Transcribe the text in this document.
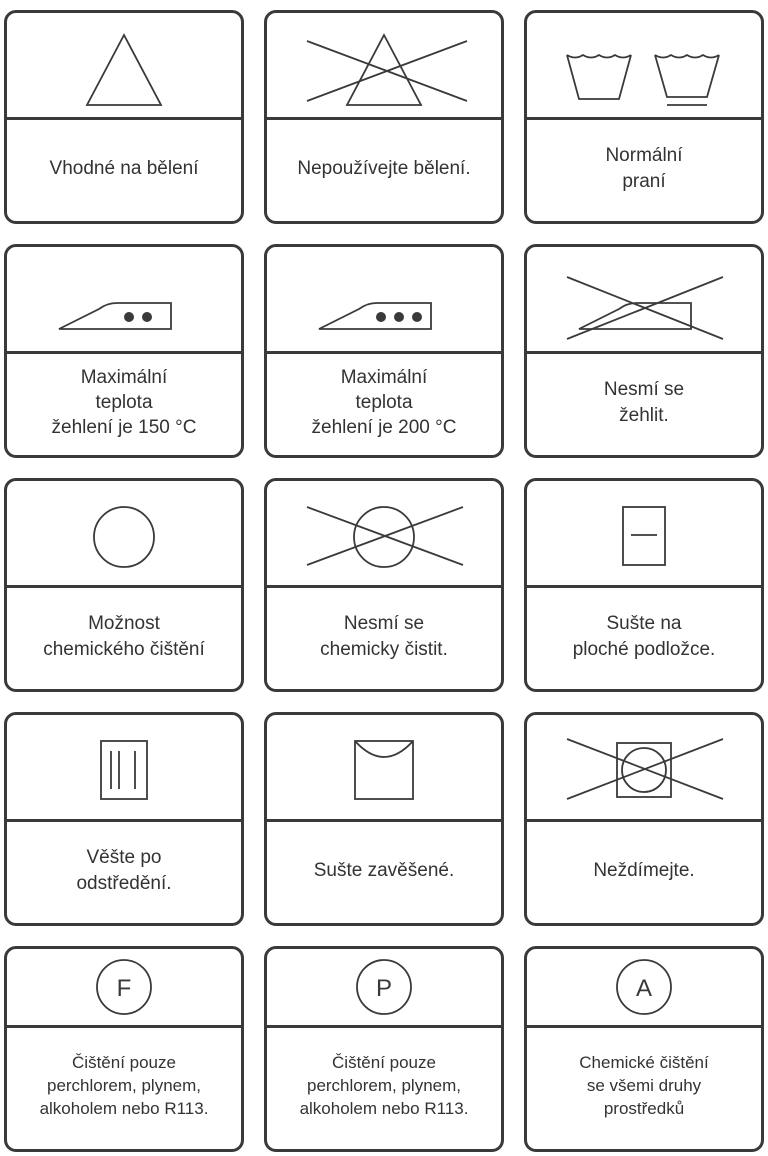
Vhodné na bělení	Nepoužívejte bělení.
Normální
praní
Maximální
teplota
žehlení je 150 °C
Maximální
teplota
žehlení je 200 °C
Nesmí se
žehlit.
Možnost
chemického čištění
Nesmí se
chemicky čistit.
Sušte na
ploché podložce.
Věšte po
odstředění.
Sušte zavěšené.	Neždímejte.
F
Čištění pouze
perchlorem, plynem,
alkoholem nebo R113.
P
Čištění pouze
perchlorem, plynem,
alkoholem nebo R113.
A
Chemické čištění
se všemi druhy
prostředků
